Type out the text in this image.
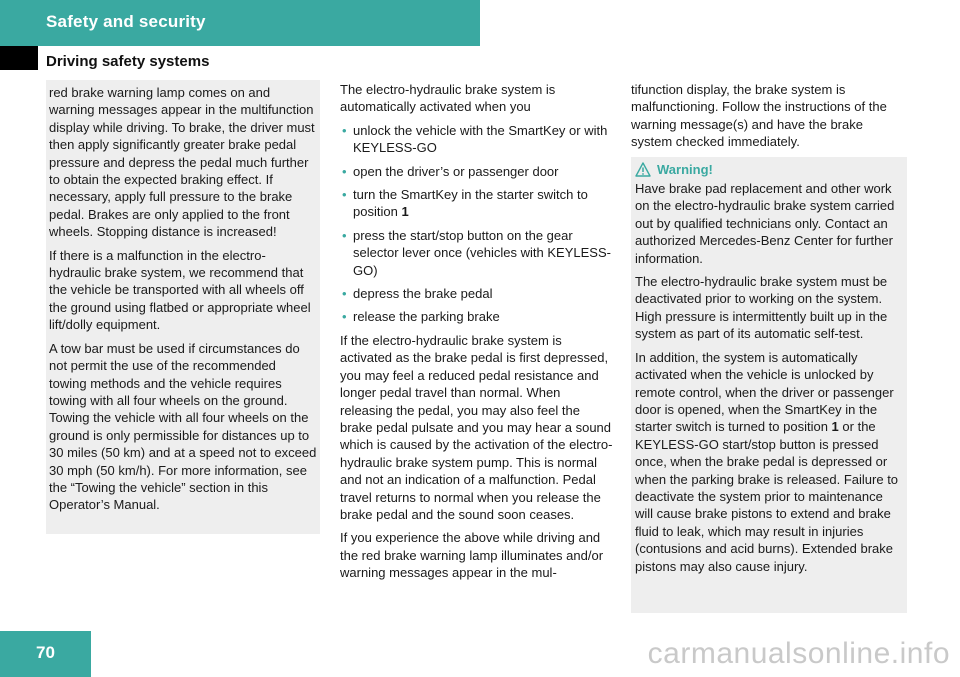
Safety and security
Driving safety systems

red brake warning lamp comes on and warning messages appear in the multifunction display while driving. To brake, the driver must then apply significantly greater brake pedal pressure and depress the pedal much further to obtain the expected braking effect. If necessary, apply full pressure to the brake pedal. Brakes are only applied to the front wheels. Stopping distance is increased!

If there is a malfunction in the electro-hydraulic brake system, we recommend that the vehicle be transported with all wheels off the ground using flatbed or appropriate wheel lift/dolly equipment.

A tow bar must be used if circumstances do not permit the use of the recommended towing methods and the vehicle requires towing with all four wheels on the ground. Towing the vehicle with all four wheels on the ground is only permissible for distances up to 30 miles (50 km) and at a speed not to exceed 30 mph (50 km/h). For more information, see the “Towing the vehicle” section in this Operator’s Manual.

The electro-hydraulic brake system is automatically activated when you

• unlock the vehicle with the SmartKey or with KEYLESS-GO
• open the driver’s or passenger door
• turn the SmartKey in the starter switch to position 1
• press the start/stop button on the gear selector lever once (vehicles with KEYLESS-GO)
• depress the brake pedal
• release the parking brake

If the electro-hydraulic brake system is activated as the brake pedal is first depressed, you may feel a reduced pedal resistance and longer pedal travel than normal. When releasing the pedal, you may also feel the brake pedal pulsate and you may hear a sound which is caused by the activation of the electro-hydraulic brake system pump. This is normal and not an indication of a malfunction. Pedal travel returns to normal when you release the brake pedal and the sound soon ceases.

If you experience the above while driving and the red brake warning lamp illuminates and/or warning messages appear in the mul-

tifunction display, the brake system is malfunctioning. Follow the instructions of the warning message(s) and have the brake system checked immediately.

Warning!

Have brake pad replacement and other work on the electro-hydraulic brake system carried out by qualified technicians only. Contact an authorized Mercedes-Benz Center for further information.

The electro-hydraulic brake system must be deactivated prior to working on the system. High pressure is intermittently built up in the system as part of its automatic self-test.

In addition, the system is automatically activated when the vehicle is unlocked by remote control, when the driver or passenger door is opened, when the SmartKey in the starter switch is turned to position 1 or the KEYLESS-GO start/stop button is pressed once, when the brake pedal is depressed or when the parking brake is released. Failure to deactivate the system prior to maintenance will cause brake pistons to extend and brake fluid to leak, which may result in injuries (contusions and acid burns). Extended brake pistons may also cause injury.

70	carmanualsonline.info
